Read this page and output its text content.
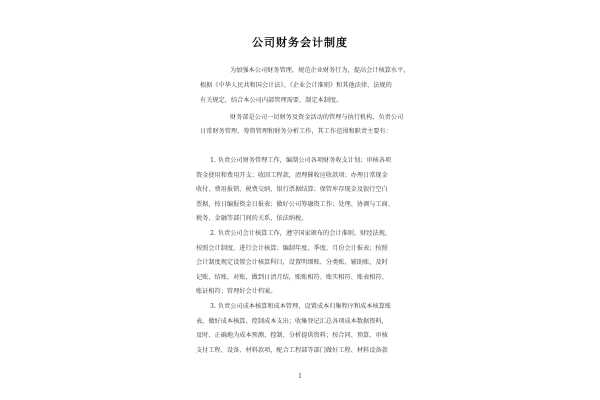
公司财务会计制度
为加强本公司财务管理，规范企业财务行为，提高会计核算水平，
根据《中华人民共和国会计法》、《企业会计准则》和其他法律、法规的
有关规定，结合本公司内部管理需要，制定本制度。
财务部是公司一切财务及资金活动的管理与执行机构，负责公司
日常财务管理、筹资管理和财务分析工作，其工作范围和职责主要有：
1. 负责公司财务管理工作，编制公司各项财务收支计划；审核各项
资金使用和费用开支；收回工程款，清理催收应收款项；办理日常现金
收付、费用报销、税费交纳、银行票据结算；保管库存现金及银行空白
票据，按日编报资金日报表；做好公司筹融资工作；处理、协调与工商、
税务、金融等部门间的关系，依法纳税。
2. 负责公司会计核算工作，遵守国家颁布的会计准则、财经法规，
按照会计制度，进行会计核算；编制年度、季度、月份会计报表；按照
会计制度规定设置会计核算科目，设置明细账、分类账、辅助账，及时
记账、结账、对账，做到日清月结，账账相符、账实相符、账表相符、
账证相符；管理好会计档案。
3. 负责公司成本核算和成本管理，设置成本归集程序和成本核算账
表，做好成本核算、控制成本支出；收集登记汇总各项成本数据资料，
及时、正确地为成本预测、控制、分析提供资料；按合同、预算、审核
支付工程、设备、材料款项，配合工程部等部门做好工程、材料设备款
1
